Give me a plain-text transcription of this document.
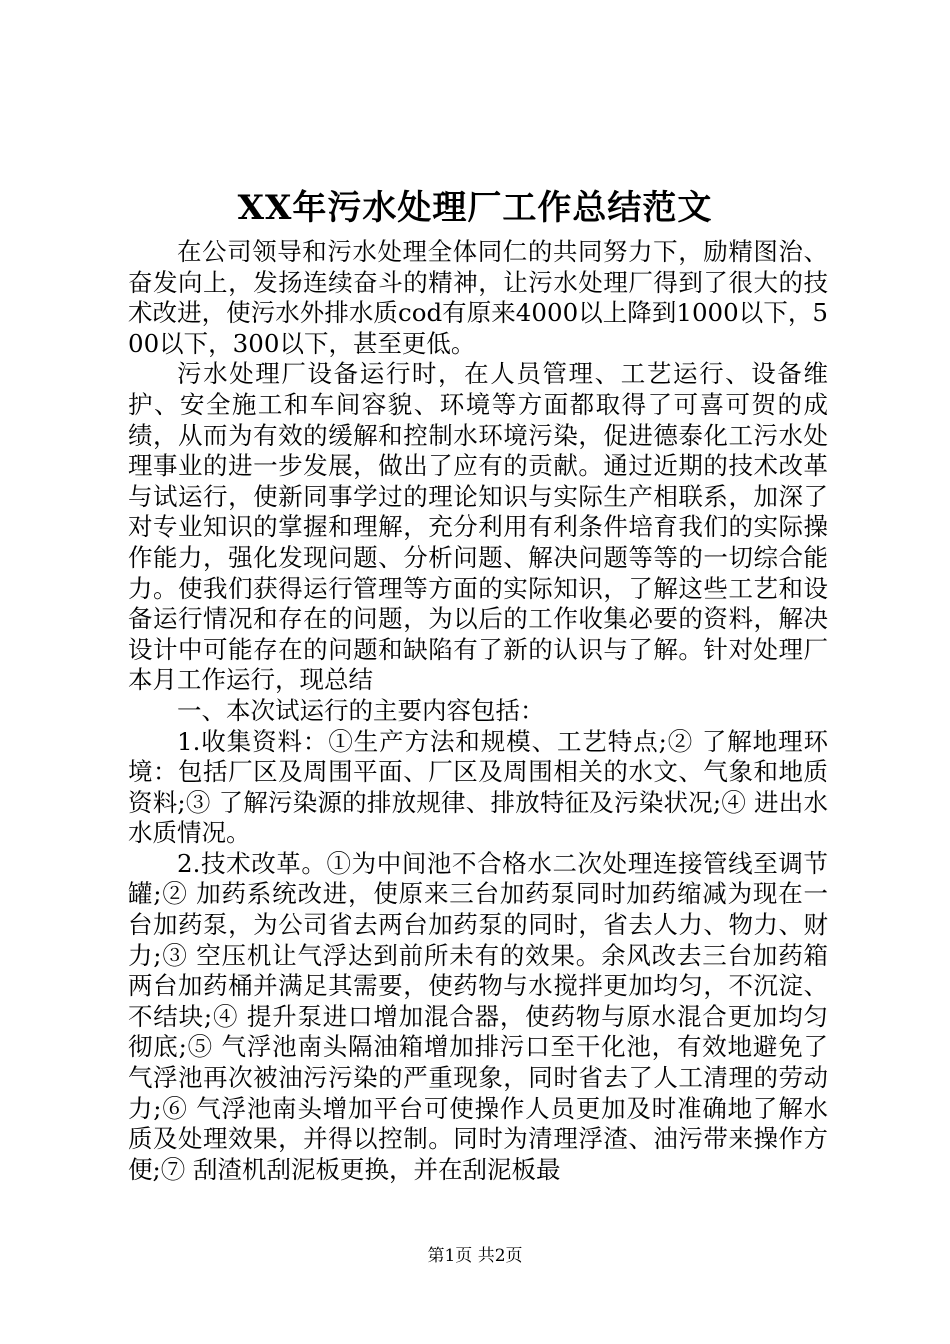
XX年污水处理厂工作总结范文

在公司领导和污水处理全体同仁的共同努力下，励精图治、奋发向上，发扬连续奋斗的精神，让污水处理厂得到了很大的技术改进，使污水外排水质cod有原来4000以上降到1000以下，500以下，300以下，甚至更低。

污水处理厂设备运行时，在人员管理、工艺运行、设备维护、安全施工和车间容貌、环境等方面都取得了可喜可贺的成绩，从而为有效的缓解和控制水环境污染，促进德泰化工污水处理事业的进一步发展，做出了应有的贡献。通过近期的技术改革与试运行，使新同事学过的理论知识与实际生产相联系，加深了对专业知识的掌握和理解，充分利用有利条件培育我们的实际操作能力，强化发现问题、分析问题、解决问题等等的一切综合能力。使我们获得运行管理等方面的实际知识，了解这些工艺和设备运行情况和存在的问题，为以后的工作收集必要的资料，解决设计中可能存在的问题和缺陷有了新的认识与了解。针对处理厂本月工作运行，现总结

一、本次试运行的主要内容包括：

1.收集资料：①生产方法和规模、工艺特点;② 了解地理环境：包括厂区及周围平面、厂区及周围相关的水文、气象和地质资料;③ 了解污染源的排放规律、排放特征及污染状况;④ 进出水水质情况。

2.技术改革。①为中间池不合格水二次处理连接管线至调节罐;② 加药系统改进，使原来三台加药泵同时加药缩减为现在一台加药泵，为公司省去两台加药泵的同时，省去人力、物力、财力;③ 空压机让气浮达到前所未有的效果。余风改去三台加药箱两台加药桶并满足其需要，使药物与水搅拌更加均匀，不沉淀、不结块;④ 提升泵进口增加混合器，使药物与原水混合更加均匀彻底;⑤ 气浮池南头隔油箱增加排污口至干化池，有效地避免了气浮池再次被油污污染的严重现象，同时省去了人工清理的劳动力;⑥ 气浮池南头增加平台可使操作人员更加及时准确地了解水质及处理效果，并得以控制。同时为清理浮渣、油污带来操作方便;⑦ 刮渣机刮泥板更换，并在刮泥板最

第1页 共2页
